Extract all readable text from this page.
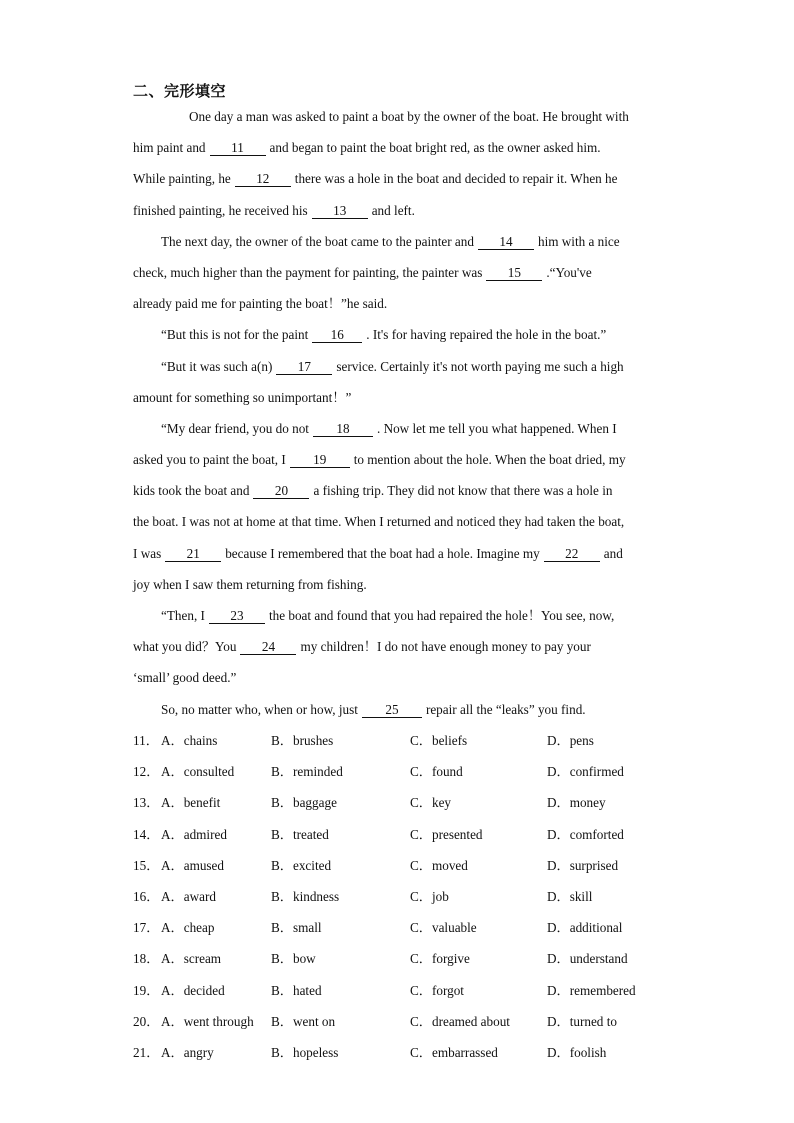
二、完形填空
One day a man was asked to paint a boat by the owner of the boat. He brought with
him paint and 11 and began to paint the boat bright red, as the owner asked him.
While painting, he 12 there was a hole in the boat and decided to repair it. When he
finished painting, he received his 13 and left.
The next day, the owner of the boat came to the painter and 14 him with a nice
check, much higher than the payment for painting, the painter was 15 .“You've
already paid me for painting the boat！”he said.
“But this is not for the paint 16 . It's for having repaired the hole in the boat.”
“But it was such a(n) 17 service. Certainly it's not worth paying me such a high
amount for something so unimportant！”
“My dear friend, you do not 18 . Now let me tell you what happened. When I
asked you to paint the boat, I 19 to mention about the hole. When the boat dried, my
kids took the boat and 20 a fishing trip. They did not know that there was a hole in
the boat. I was not at home at that time. When I returned and noticed they had taken the boat,
I was 21 because I remembered that the boat had a hole. Imagine my 22 and
joy when I saw them returning from fishing.
“Then, I 23 the boat and found that you had repaired the hole！You see, now,
what you did？You 24 my children！I do not have enough money to pay your
‘small’ good deed.”
So, no matter who, when or how, just 25 repair all the “leaks” you find.
11． A．chains	B．brushes	C．beliefs	D．pens
12． A．consulted	B．reminded	C．found	D．confirmed
13． A．benefit	B．baggage	C．key	D．money
14． A．admired	B．treated	C．presented	D．comforted
15． A．amused	B．excited	C．moved	D．surprised
16． A．award	B．kindness	C．job	D．skill
17． A．cheap	B．small	C．valuable	D．additional
18． A．scream	B．bow	C．forgive	D．understand
19． A．decided	B．hated	C．forgot	D．remembered
20． A．went through B．went on	C．dreamed about	D．turned to
21． A．angry	B．hopeless	C．embarrassed	D．foolish
